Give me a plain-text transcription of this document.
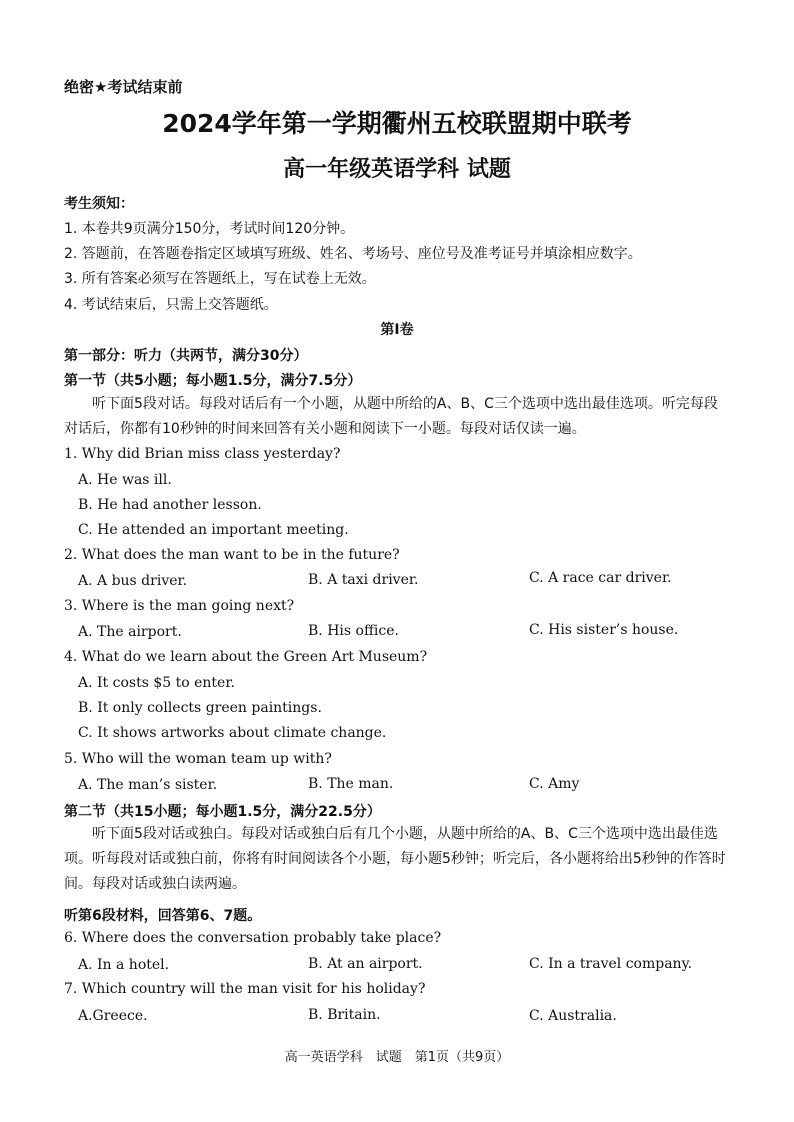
绝密★考试结束前
2024学年第一学期衢州五校联盟期中联考
高一年级英语学科 试题
考生须知：
1. 本卷共9页满分150分，考试时间120分钟。
2. 答题前，在答题卷指定区域填写班级、姓名、考场号、座位号及准考证号并填涂相应数字。
3. 所有答案必须写在答题纸上，写在试卷上无效。
4. 考试结束后，只需上交答题纸。
第Ⅰ卷
第一部分：听力（共两节，满分30分）
第一节（共5小题；每小题1.5分，满分7.5分）
听下面5段对话。每段对话后有一个小题，从题中所给的A、B、C三个选项中选出最佳选项。听完每段对话后，你都有10秒钟的时间来回答有关小题和阅读下一小题。每段对话仅读一遍。
1. Why did Brian miss class yesterday?
A. He was ill.
B. He had another lesson.
C. He attended an important meeting.
2. What does the man want to be in the future?
A. A bus driver.	B. A taxi driver.	C. A race car driver.
3. Where is the man going next?
A. The airport.	B. His office.	C. His sister’s house.
4. What do we learn about the Green Art Museum?
A. It costs $5 to enter.
B. It only collects green paintings.
C. It shows artworks about climate change.
5. Who will the woman team up with?
A. The man’s sister.	B. The man.	C. Amy
第二节（共15小题；每小题1.5分，满分22.5分）
听下面5段对话或独白。每段对话或独白后有几个小题，从题中所给的A、B、C三个选项中选出最佳选项。听每段对话或独白前，你将有时间阅读各个小题，每小题5秒钟；听完后，各小题将给出5秒钟的作答时间。每段对话或独白读两遍。
听第6段材料，回答第6、7题。
6. Where does the conversation probably take place?
A. In a hotel.	B. At an airport.	C. In a travel company.
7. Which country will the man visit for his holiday?
A.Greece.	B. Britain.	C. Australia.
高一英语学科　试题　第1页（共9页）
